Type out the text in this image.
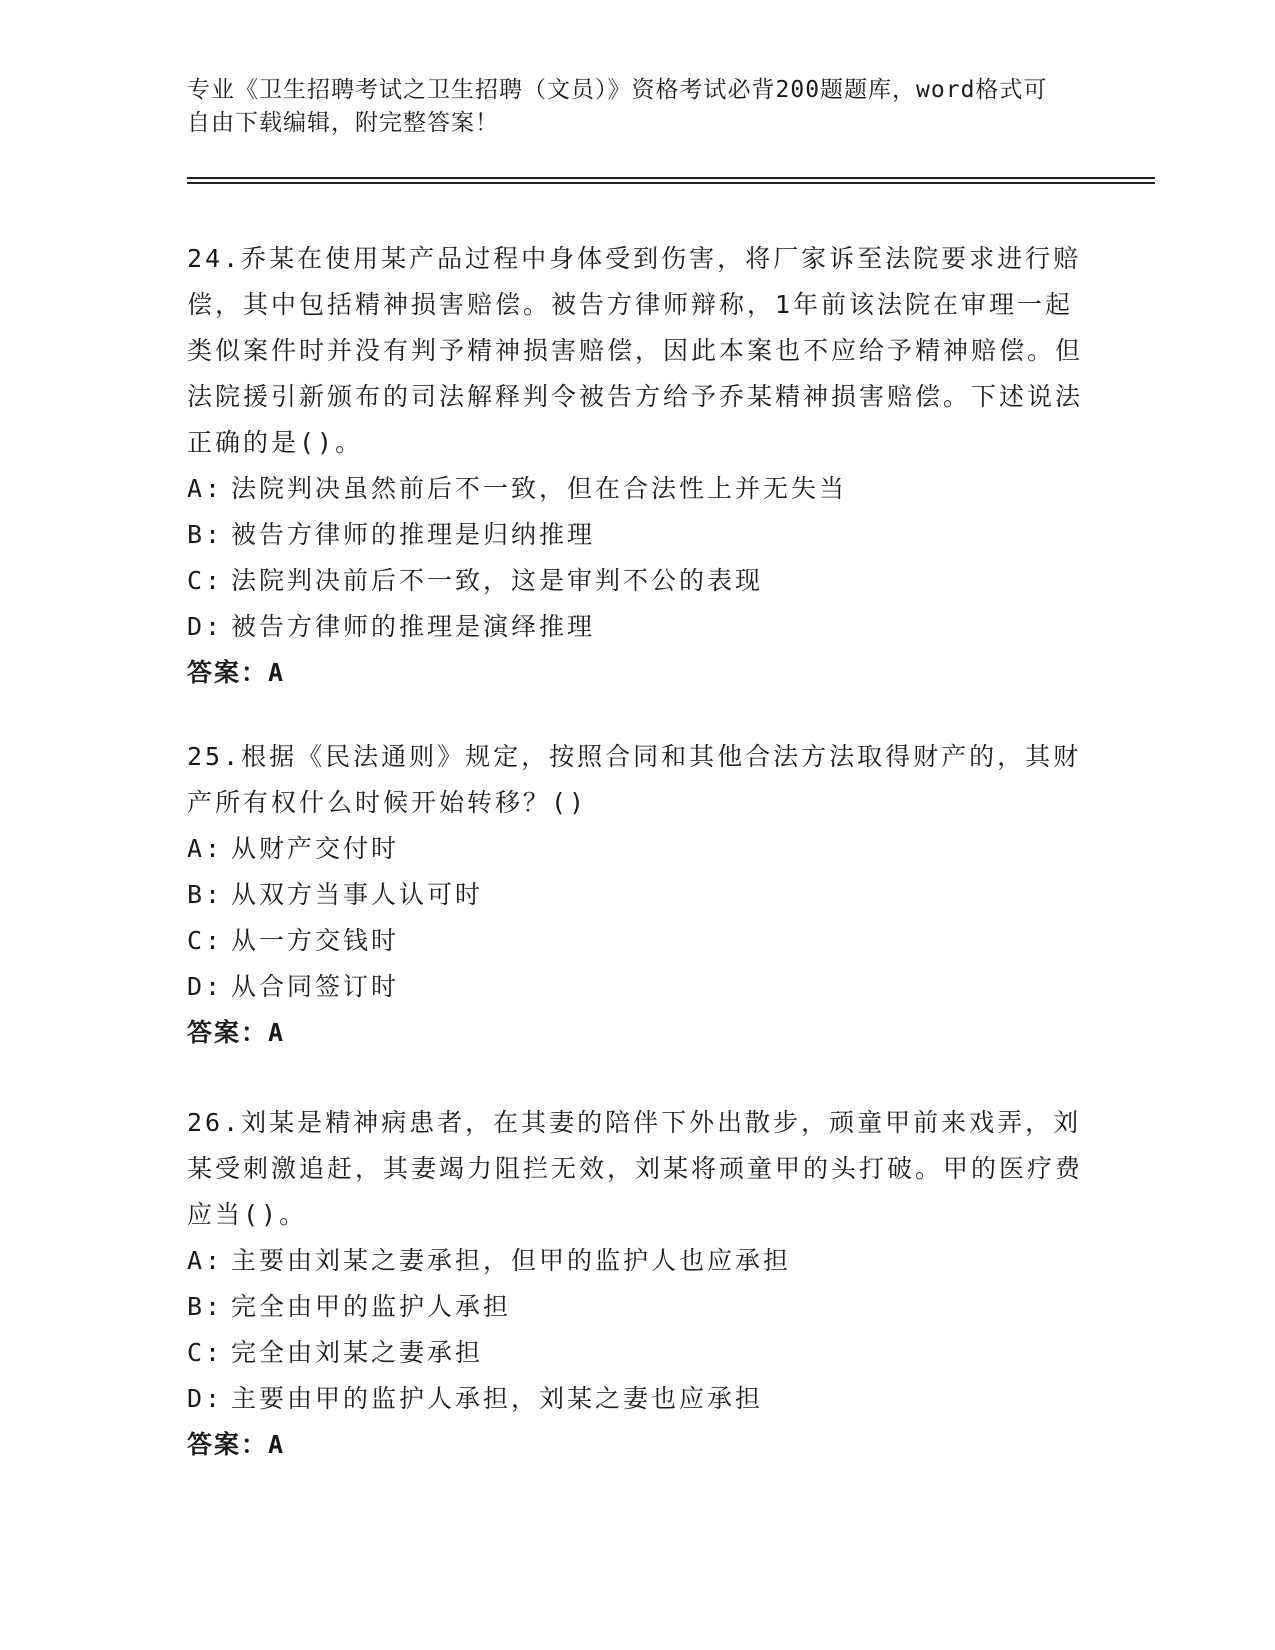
专业《卫生招聘考试之卫生招聘（文员）》资格考试必背200题题库，word格式可自由下载编辑，附完整答案！

24.乔某在使用某产品过程中身体受到伤害，将厂家诉至法院要求进行赔偿，其中包括精神损害赔偿。被告方律师辩称，1年前该法院在审理一起类似案件时并没有判予精神损害赔偿，因此本案也不应给予精神赔偿。但法院援引新颁布的司法解释判令被告方给予乔某精神损害赔偿。下述说法正确的是()。

A: 法院判决虽然前后不一致，但在合法性上并无失当

B: 被告方律师的推理是归纳推理

C: 法院判决前后不一致，这是审判不公的表现

D: 被告方律师的推理是演绎推理

答案：A

25.根据《民法通则》规定，按照合同和其他合法方法取得财产的，其财产所有权什么时候开始转移？()

A: 从财产交付时

B: 从双方当事人认可时

C: 从一方交钱时

D: 从合同签订时

答案：A

26.刘某是精神病患者，在其妻的陪伴下外出散步，顽童甲前来戏弄，刘某受刺激追赶，其妻竭力阻拦无效，刘某将顽童甲的头打破。甲的医疗费应当()。

A: 主要由刘某之妻承担，但甲的监护人也应承担

B: 完全由甲的监护人承担

C: 完全由刘某之妻承担

D: 主要由甲的监护人承担，刘某之妻也应承担

答案：A
